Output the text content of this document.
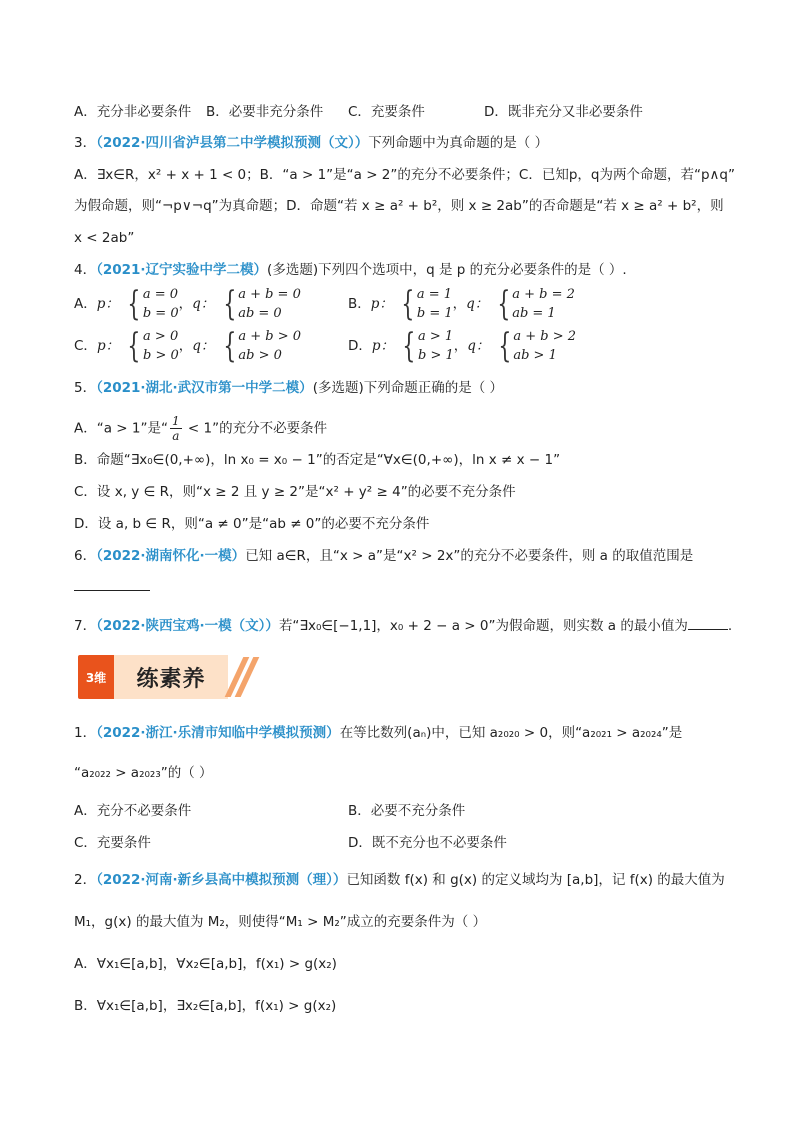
A．充分非必要条件 B．必要非充分条件 C．充要条件	D．既非充分又非必要条件
3．（2022·四川省泸县第二中学模拟预测（文））下列命题中为真命题的是（ ）
A．∃x∈R，x² + x + 1 < 0；B．“a > 1”是“a > 2”的充分不必要条件；C．已知p，q为两个命题，若“p∧q”
为假命题，则“¬p∨¬q”为真命题；D．命题“若 x ≥ a² + b²，则 x ≥ 2ab”的否命题是“若 x ≥ a² + b²，则
x < 2ab”
4．（2021·辽宁实验中学二模）(多选题)下列四个选项中，q 是 p 的充分必要条件的是（ ）.
A．p： { a = 0
b = 0
，q： { a + b = 0
ab = 0
B．p： { a = 1
b = 1
，q： { a + b = 2
ab = 1
C．p： { a > 0
b > 0
，q： { a + b > 0
ab > 0
D．p： { a > 1
b > 1
，q： { a + b > 2
ab > 1
5．（2021·湖北·武汉市第一中学二模）(多选题)下列命题正确的是（ ）
A．“a > 1”是“ $\frac{1}{a} < 1$”的充分不必要条件
B．命题“∃x₀∈(0,+∞)，ln x₀ = x₀ − 1”的否定是“∀x∈(0,+∞)，ln x ≠ x − 1”
C．设 x, y ∈ R，则“x ≥ 2 且 y ≥ 2”是“x² + y² ≥ 4”的必要不充分条件
D．设 a, b ∈ R，则“a ≠ 0”是“ab ≠ 0”的必要不充分条件
6．（2022·湖南怀化·一模）已知 a∈R，且“x > a”是“x² > 2x”的充分不必要条件，则 a 的取值范围是
7．（2022·陕西宝鸡·一模（文））若“∃x₀∈[−1,1]，x₀ + 2 − a > 0”为假命题，则实数 a 的最小值为	.
3维	练素养
1．（2022·浙江·乐清市知临中学模拟预测）在等比数列(aₙ)中，已知 a₂₀₂₀ > 0，则“a₂₀₂₁ > a₂₀₂₄”是
“a₂₀₂₂ > a₂₀₂₃”的（ ）
A．充分不必要条件	B．必要不充分条件
C．充要条件	D．既不充分也不必要条件
2．（2022·河南·新乡县高中模拟预测（理））已知函数 f(x) 和 g(x) 的定义域均为 [a,b]，记 f(x) 的最大值为
M₁，g(x) 的最大值为 M₂，则使得“M₁ > M₂”成立的充要条件为（ ）
A．∀x₁∈[a,b]，∀x₂∈[a,b]，f(x₁) > g(x₂)
B．∀x₁∈[a,b]，∃x₂∈[a,b]，f(x₁) > g(x₂)
